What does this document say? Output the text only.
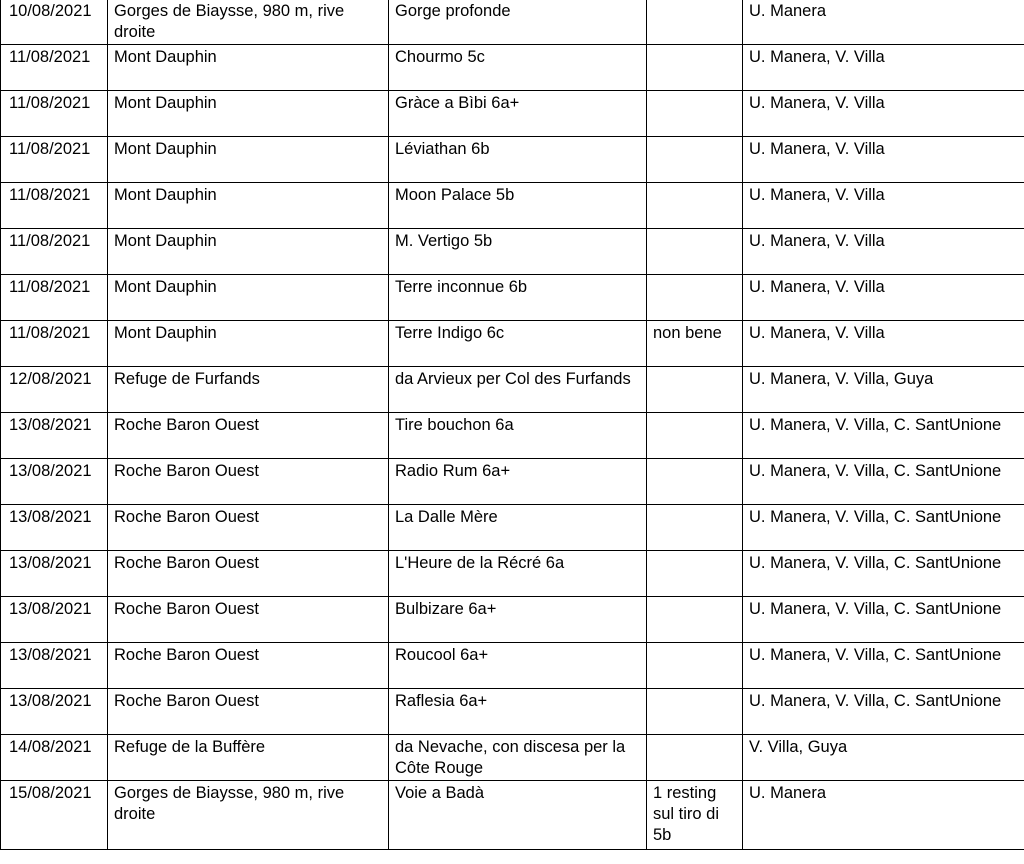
10/08/2021	Gorges de Biaysse, 980 m, rive droite	Gorge profonde		U. Manera
11/08/2021	Mont Dauphin	Chourmo 5c		U. Manera, V. Villa
11/08/2021	Mont Dauphin	Gràce a Bìbi 6a+		U. Manera, V. Villa
11/08/2021	Mont Dauphin	Léviathan 6b		U. Manera, V. Villa
11/08/2021	Mont Dauphin	Moon Palace 5b		U. Manera, V. Villa
11/08/2021	Mont Dauphin	M. Vertigo 5b		U. Manera, V. Villa
11/08/2021	Mont Dauphin	Terre inconnue 6b		U. Manera, V. Villa
11/08/2021	Mont Dauphin	Terre Indigo 6c	non bene	U. Manera, V. Villa
12/08/2021	Refuge de Furfands	da Arvieux per Col des Furfands		U. Manera, V. Villa, Guya
13/08/2021	Roche Baron Ouest	Tire bouchon 6a		U. Manera, V. Villa, C. SantUnione
13/08/2021	Roche Baron Ouest	Radio Rum 6a+		U. Manera, V. Villa, C. SantUnione
13/08/2021	Roche Baron Ouest	La Dalle Mère		U. Manera, V. Villa, C. SantUnione
13/08/2021	Roche Baron Ouest	L'Heure de la Récré 6a		U. Manera, V. Villa, C. SantUnione
13/08/2021	Roche Baron Ouest	Bulbizare 6a+		U. Manera, V. Villa, C. SantUnione
13/08/2021	Roche Baron Ouest	Roucool 6a+		U. Manera, V. Villa, C. SantUnione
13/08/2021	Roche Baron Ouest	Raflesia 6a+		U. Manera, V. Villa, C. SantUnione
14/08/2021	Refuge de la Buffère	da Nevache, con discesa per la Côte Rouge		V. Villa, Guya
15/08/2021	Gorges de Biaysse, 980 m, rive droite	Voie a Badà	1 resting sul tiro di 5b	U. Manera
